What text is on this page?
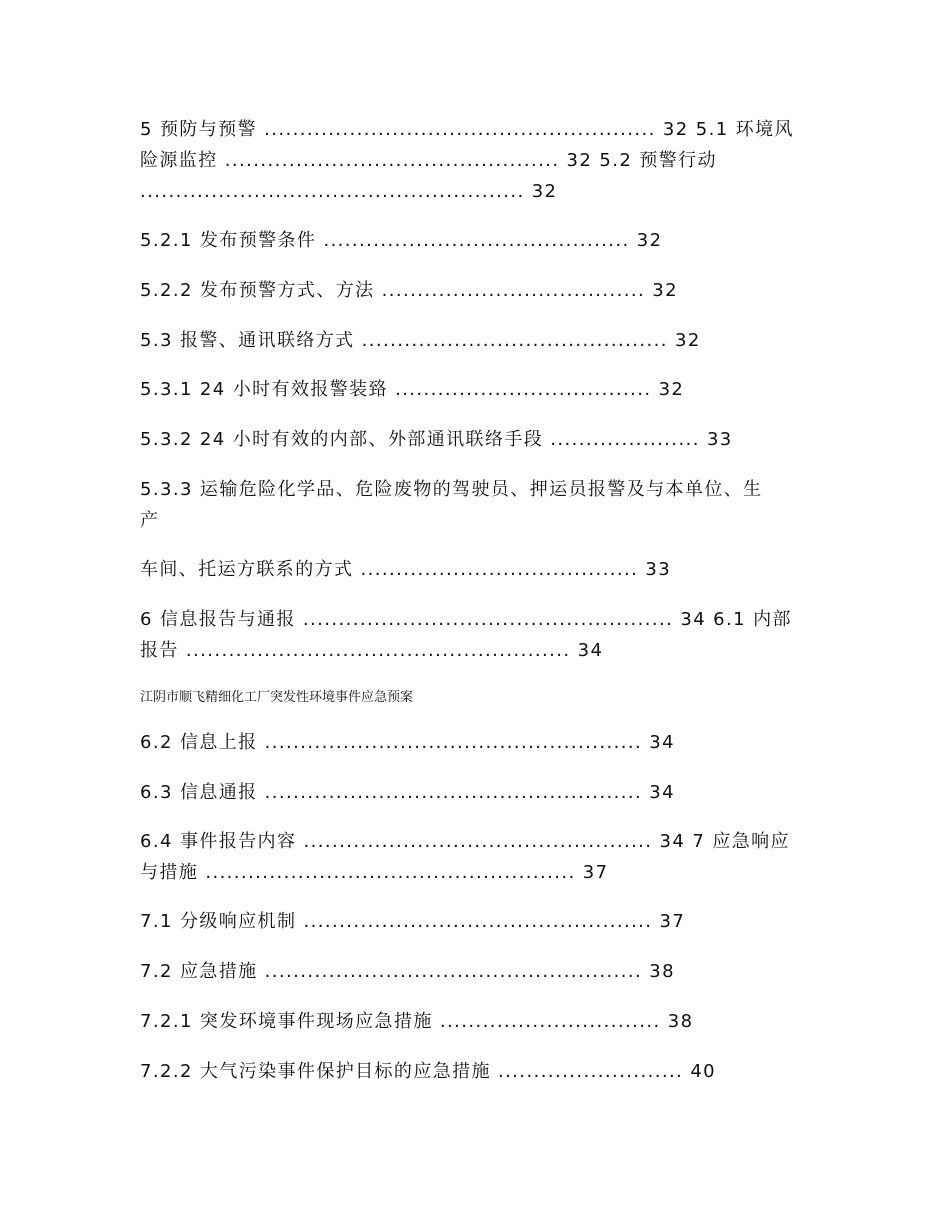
5 预防与预警 ....................................................... 32 5.1 环境风

险源监控 ............................................... 32 5.2 预警行动

...................................................... 32

5.2.1 发布预警条件 ........................................... 32

5.2.2 发布预警方式、方法 ..................................... 32

5.3 报警、通讯联络方式 ........................................... 32

5.3.1 24 小时有效报警装臵 .................................... 32

5.3.2 24 小时有效的内部、外部通讯联络手段 ..................... 33

5.3.3 运输危险化学品、危险废物的驾驶员、押运员报警及与本单位、生

产

车间、托运方联系的方式 ....................................... 33

6 信息报告与通报 .................................................... 34 6.1 内部

报告 ...................................................... 34

江阴市顺飞精细化工厂突发性环境事件应急预案

6.2 信息上报 ..................................................... 34

6.3 信息通报 ..................................................... 34

6.4 事件报告内容 ................................................. 34 7 应急响应

与措施 .................................................... 37

7.1 分级响应机制 ................................................. 37

7.2 应急措施 ..................................................... 38

7.2.1 突发环境事件现场应急措施 ............................... 38

7.2.2 大气污染事件保护目标的应急措施 .......................... 40
